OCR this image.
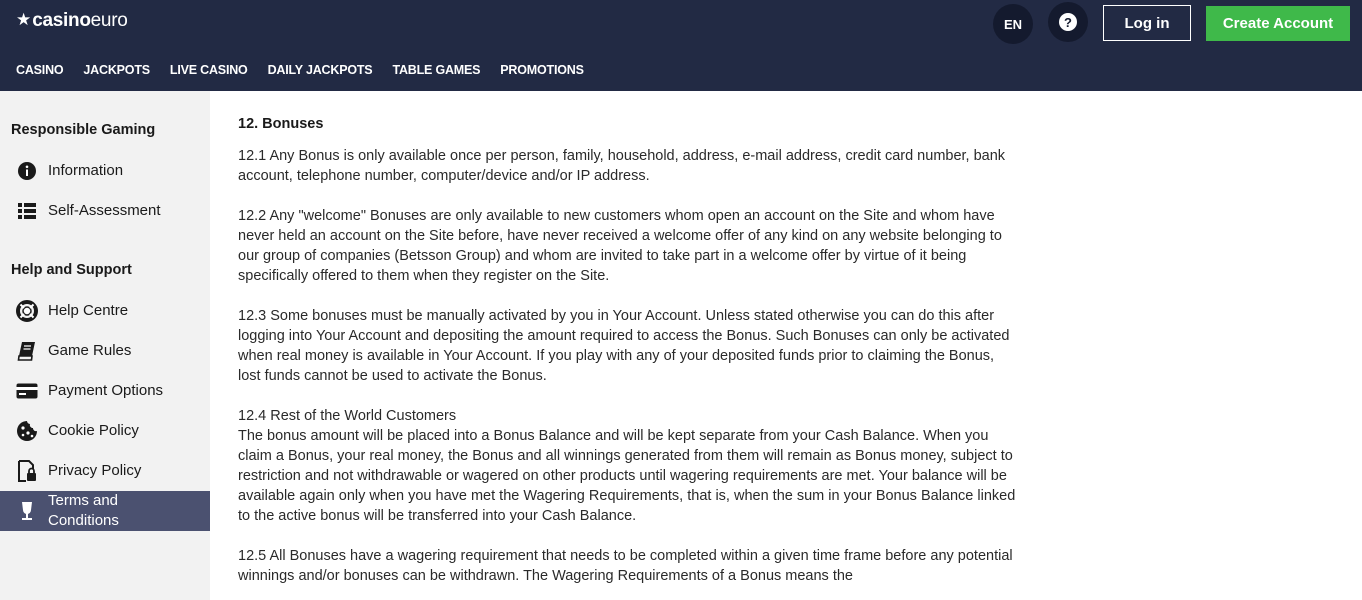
★ casino euro
CASINO JACKPOTS LIVE CASINO DAILY JACKPOTS TABLE GAMES PROMOTIONS
EN	?	Log in	Create Account
Responsible Gaming
Information
Self-Assessment
Help and Support
Help Centre
Game Rules
Payment Options
Cookie Policy
Privacy Policy
Terms and Conditions
12. Bonuses

12.1 Any Bonus is only available once per person, family, household, address, e-mail address, credit card number, bank account, telephone number, computer/device and/or IP address.

12.2 Any "welcome" Bonuses are only available to new customers whom open an account on the Site and whom have never held an account on the Site before, have never received a welcome offer of any kind on any website belonging to our group of companies (Betsson Group) and whom are invited to take part in a welcome offer by virtue of it being specifically offered to them when they register on the Site.

12.3 Some bonuses must be manually activated by you in Your Account. Unless stated otherwise you can do this after logging into Your Account and depositing the amount required to access the Bonus. Such Bonuses can only be activated when real money is available in Your Account. If you play with any of your deposited funds prior to claiming the Bonus, lost funds cannot be used to activate the Bonus.

12.4 Rest of the World Customers

The bonus amount will be placed into a Bonus Balance and will be kept separate from your Cash Balance. When you claim a Bonus, your real money, the Bonus and all winnings generated from them will remain as Bonus money, subject to restriction and not withdrawable or wagered on other products until wagering requirements are met. Your balance will be available again only when you have met the Wagering Requirements, that is, when the sum in your Bonus Balance linked to the active bonus will be transferred into your Cash Balance.

12.5 All Bonuses have a wagering requirement that needs to be completed within a given time frame before any potential winnings and/or bonuses can be withdrawn. The Wagering Requirements of a Bonus means the
